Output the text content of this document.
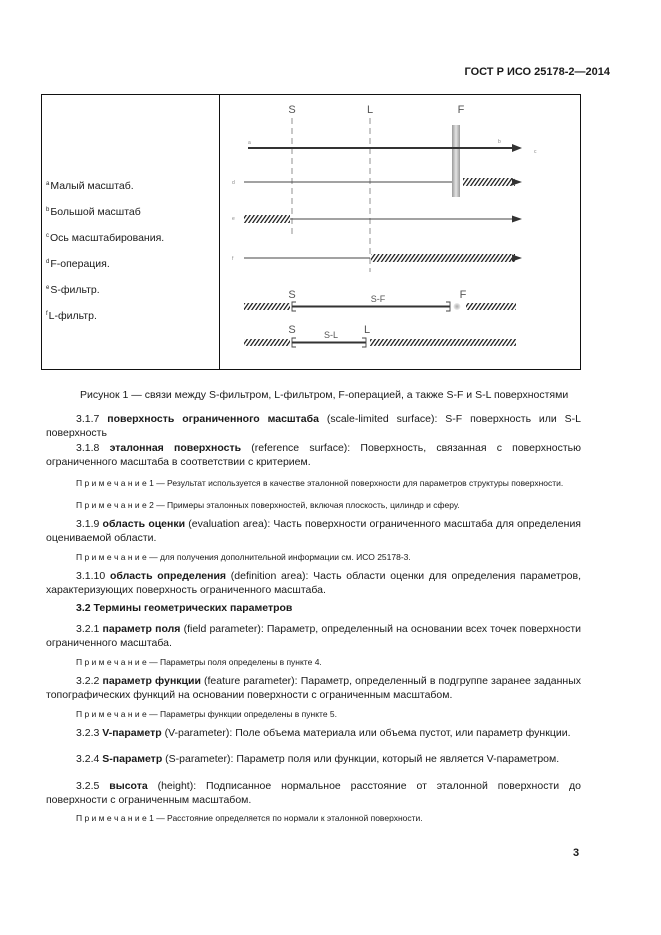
ГОСТ Р ИСО 25178-2—2014
$^a$Малый масштаб.
$^b$Большой масштаб
$^c$Ось масштабирования.
$^d$F-операция.
$^e$S-фильтр.
$^f$L-фильтр.
S	L	F
a	b
c
d
e
f
S	F
S-F
S	L
S-L
Рисунок 1 — связи между S-фильтром, L-фильтром, F-операцией, а также S-F и S-L поверхностями
3.1.7 поверхность ограниченного масштаба (scale-limited surface): S-F поверхность или S-L поверхность
3.1.8 эталонная поверхность (reference surface): Поверхность, связанная с поверхностью ограниченного масштаба в соответствии с критерием.
П р и м е ч а н и е 1 — Результат используется в качестве эталонной поверхности для параметров структуры поверхности.
П р и м е ч а н и е 2 — Примеры эталонных поверхностей, включая плоскость, цилиндр и сферу.
3.1.9 область оценки (evaluation area): Часть поверхности ограниченного масштаба для определения оцениваемой области.
П р и м е ч а н и е — для получения дополнительной информации см. ИСО 25178-3.
3.1.10 область определения (definition area): Часть области оценки для определения параметров, характеризующих поверхность ограниченного масштаба.
3.2 Термины геометрических параметров
3.2.1 параметр поля (field parameter): Параметр, определенный на основании всех точек поверхности ограниченного масштаба.
П р и м е ч а н и е — Параметры поля определены в пункте 4.
3.2.2 параметр функции (feature parameter): Параметр, определенный в подгруппе заранее заданных топографических функций на основании поверхности с ограниченным масштабом.
П р и м е ч а н и е — Параметры функции определены в пункте 5.
3.2.3 V-параметр (V-parameter): Поле объема материала или объема пустот, или параметр функции.
3.2.4 S-параметр (S-parameter): Параметр поля или функции, который не является V-параметром.
3.2.5 высота (height): Подписанное нормальное расстояние от эталонной поверхности до поверхности с ограниченным масштабом.
П р и м е ч а н и е 1 — Расстояние определяется по нормали к эталонной поверхности.
3
